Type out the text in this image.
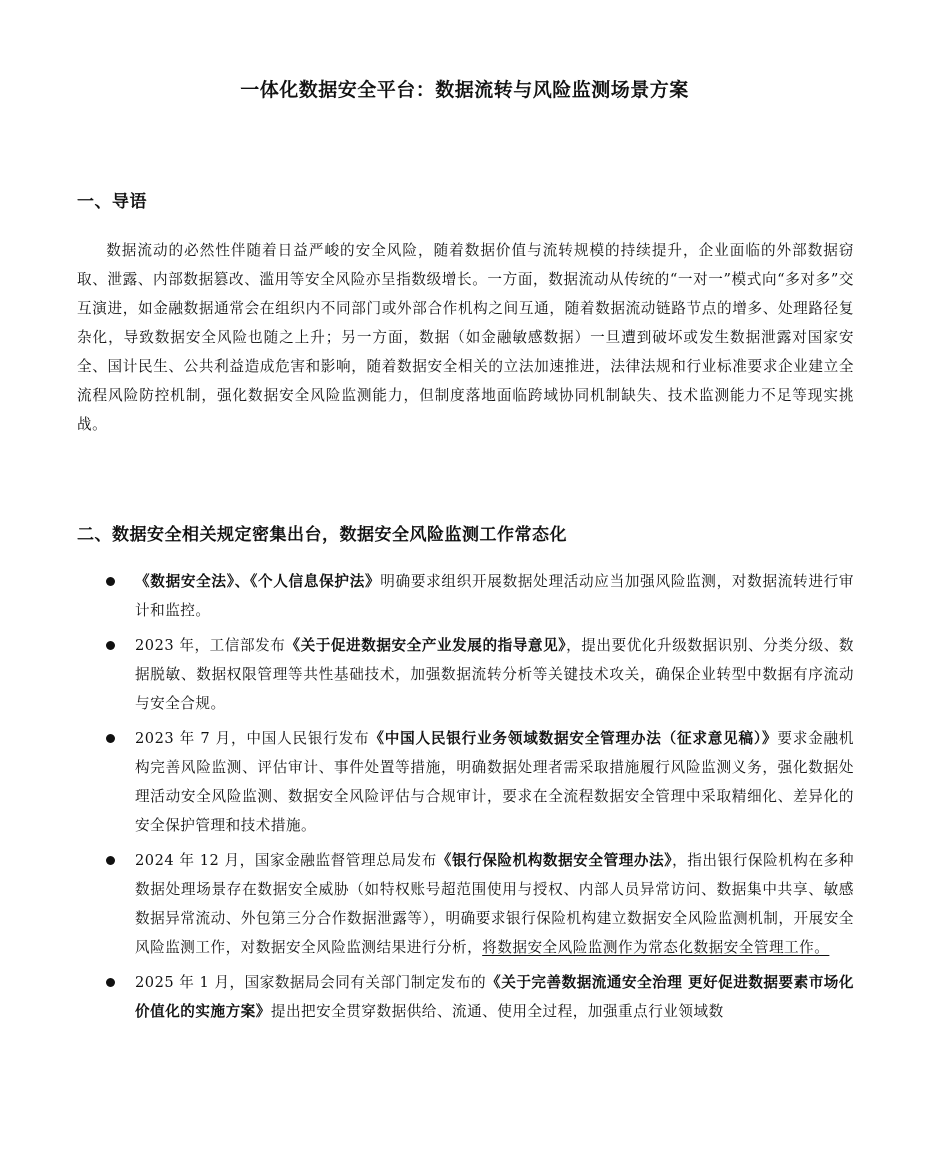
一体化数据安全平台：数据流转与风险监测场景方案
一、导语

数据流动的必然性伴随着日益严峻的安全风险，随着数据价值与流转规模的持续提升，企业面临的外部数据窃取、泄露、内部数据篡改、滥用等安全风险亦呈指数级增长。一方面，数据流动从传统的“一对一”模式向“多对多”交互演进，如金融数据通常会在组织内不同部门或外部合作机构之间互通，随着数据流动链路节点的增多、处理路径复杂化，导致数据安全风险也随之上升；另一方面，数据（如金融敏感数据）一旦遭到破坏或发生数据泄露对国家安全、国计民生、公共利益造成危害和影响，随着数据安全相关的立法加速推进，法律法规和行业标准要求企业建立全流程风险防控机制，强化数据安全风险监测能力，但制度落地面临跨域协同机制缺失、技术监测能力不足等现实挑战。

二、数据安全相关规定密集出台，数据安全风险监测工作常态化
《数据安全法》、《个人信息保护法》明确要求组织开展数据处理活动应当加强风险监测，对数据流转进行审计和监控。
2023 年，工信部发布《关于促进数据安全产业发展的指导意见》，提出要优化升级数据识别、分类分级、数据脱敏、数据权限管理等共性基础技术，加强数据流转分析等关键技术攻关，确保企业转型中数据有序流动与安全合规。
2023 年 7 月，中国人民银行发布《中国人民银行业务领域数据安全管理办法（征求意见稿）》要求金融机构完善风险监测、评估审计、事件处置等措施，明确数据处理者需采取措施履行风险监测义务，强化数据处理活动安全风险监测、数据安全风险评估与合规审计，要求在全流程数据安全管理中采取精细化、差异化的安全保护管理和技术措施。
2024 年 12 月，国家金融监督管理总局发布《银行保险机构数据安全管理办法》，指出银行保险机构在多种数据处理场景存在数据安全威胁（如特权账号超范围使用与授权、内部人员异常访问、数据集中共享、敏感数据异常流动、外包第三分合作数据泄露等），明确要求银行保险机构建立数据安全风险监测机制，开展安全风险监测工作，对数据安全风险监测结果进行分析，将数据安全风险监测作为常态化数据安全管理工作。
2025 年 1 月，国家数据局会同有关部门制定发布的《关于完善数据流通安全治理 更好促进数据要素市场化价值化的实施方案》提出把安全贯穿数据供给、流通、使用全过程，加强重点行业领域数
